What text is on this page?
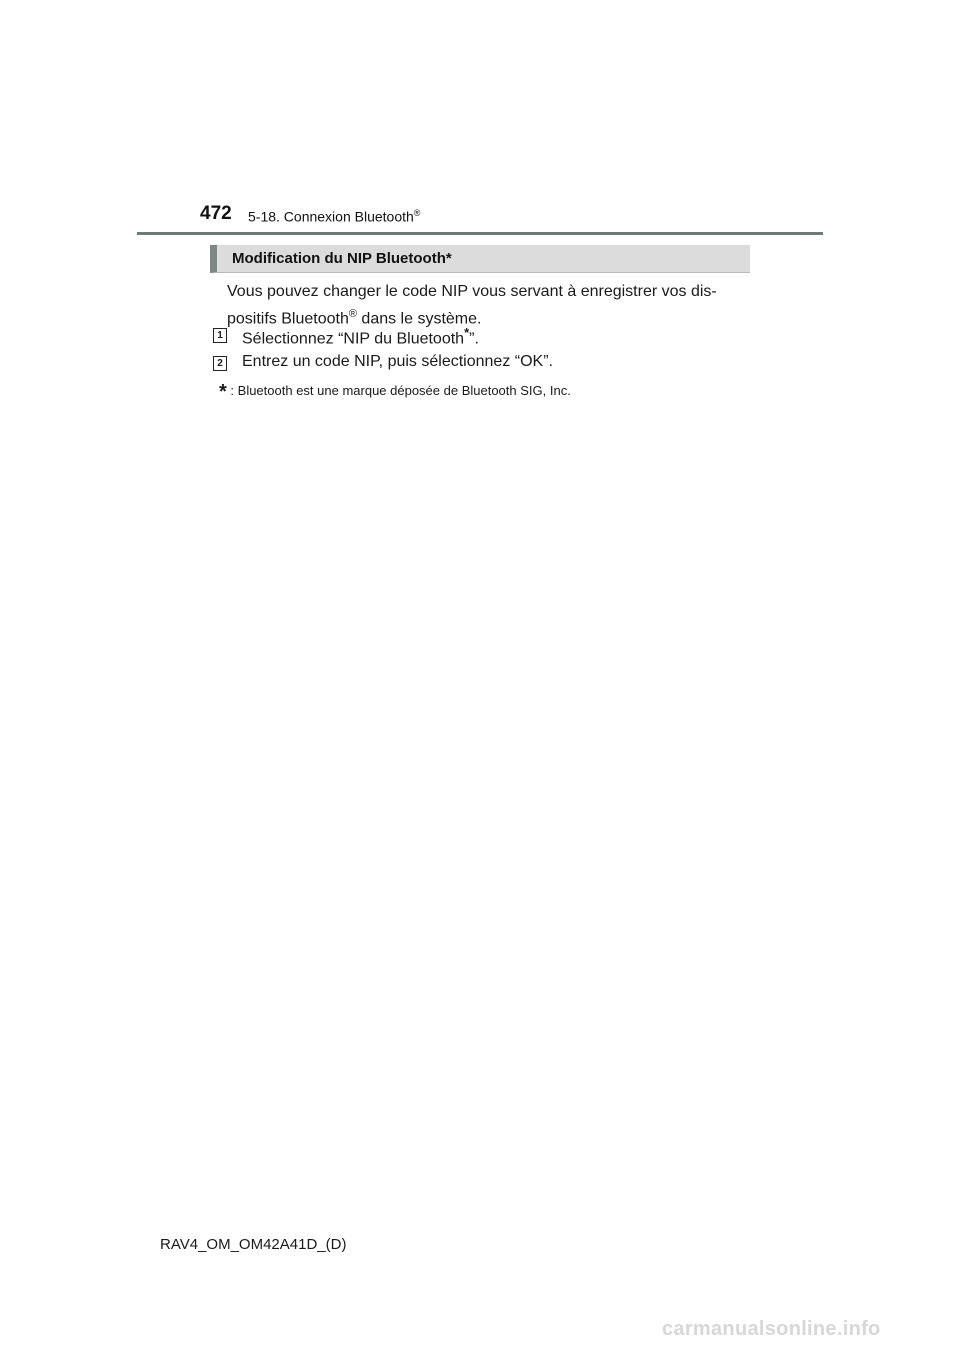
472 5-18. Connexion Bluetooth®
Modification du NIP Bluetooth*
Vous pouvez changer le code NIP vous servant à enregistrer vos dis-
positifs Bluetooth® dans le système.
1 Sélectionnez “NIP du Bluetooth*”.
2 Entrez un code NIP, puis sélectionnez “OK”.
* : Bluetooth est une marque déposée de Bluetooth SIG, Inc.
RAV4_OM_OM42A41D_(D)
carmanualsonline.info
